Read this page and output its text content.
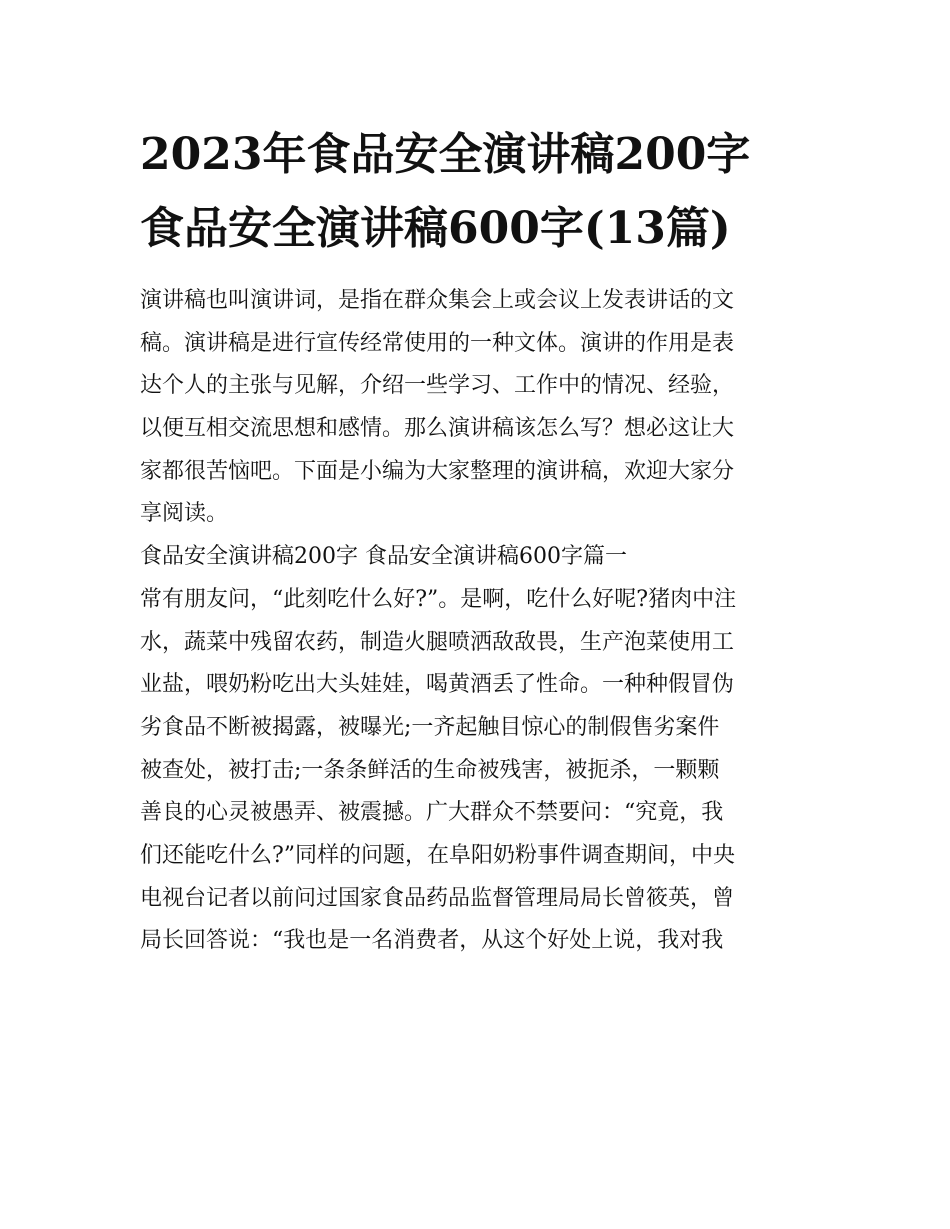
2023年食品安全演讲稿200字
食品安全演讲稿600字(13篇)
演讲稿也叫演讲词，是指在群众集会上或会议上发表讲话的文
稿。演讲稿是进行宣传经常使用的一种文体。演讲的作用是表
达个人的主张与见解，介绍一些学习、工作中的情况、经验，
以便互相交流思想和感情。那么演讲稿该怎么写？想必这让大
家都很苦恼吧。下面是小编为大家整理的演讲稿，欢迎大家分
享阅读。
食品安全演讲稿200字 食品安全演讲稿600字篇一
常有朋友问，“此刻吃什么好?”。是啊，吃什么好呢?猪肉中注
水，蔬菜中残留农药，制造火腿喷洒敌敌畏，生产泡菜使用工
业盐，喂奶粉吃出大头娃娃，喝黄酒丢了性命。一种种假冒伪
劣食品不断被揭露，被曝光;一齐起触目惊心的制假售劣案件
被查处，被打击;一条条鲜活的生命被残害，被扼杀，一颗颗
善良的心灵被愚弄、被震撼。广大群众不禁要问：“究竟，我
们还能吃什么?”同样的问题，在阜阳奶粉事件调查期间，中央
电视台记者以前问过国家食品药品监督管理局局长曾筱英，曾
局长回答说：“我也是一名消费者，从这个好处上说，我对我
